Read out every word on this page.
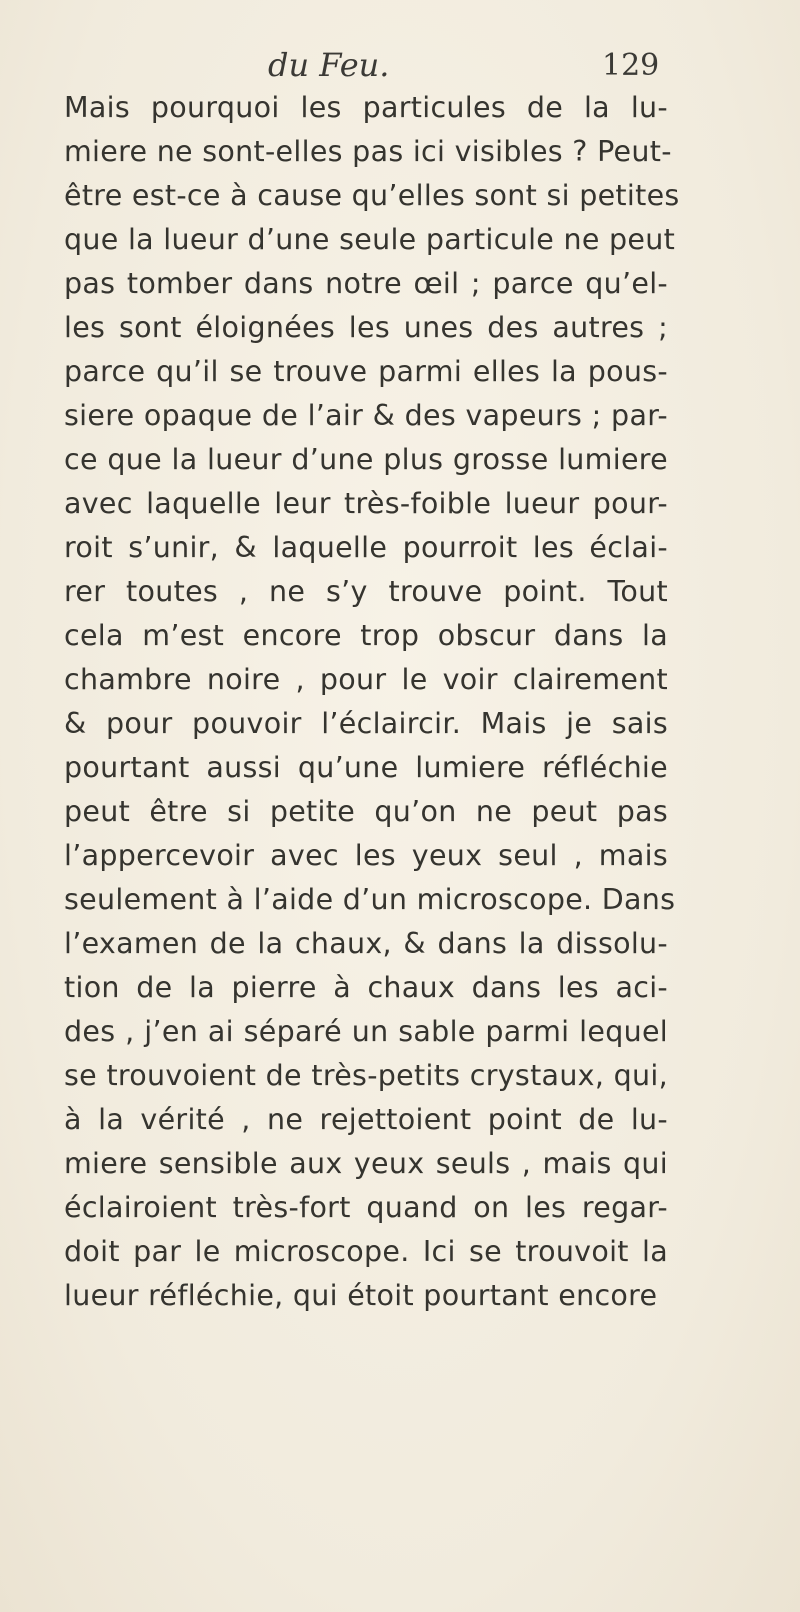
du Feu.	129
Mais pourquoi les particules de la lu-
miere ne sont-elles pas ici visibles ? Peut-
être est-ce à cause qu’elles sont si petites
que la lueur d’une seule particule ne peut
pas tomber dans notre œil ; parce qu’el-
les sont éloignées les unes des autres ;
parce qu’il se trouve parmi elles la pous-
siere opaque de l’air & des vapeurs ; par-
ce que la lueur d’une plus grosse lumiere
avec laquelle leur très-foible lueur pour-
roit s’unir, & laquelle pourroit les éclai-
rer toutes , ne s’y trouve point. Tout
cela m’est encore trop obscur dans la
chambre noire , pour le voir clairement
& pour pouvoir l’éclaircir. Mais je sais
pourtant aussi qu’une lumiere réfléchie
peut être si petite qu’on ne peut pas
l’appercevoir avec les yeux seul , mais
seulement à l’aide d’un microscope. Dans
l’examen de la chaux, & dans la dissolu-
tion de la pierre à chaux dans les aci-
des , j’en ai séparé un sable parmi lequel
se trouvoient de très-petits crystaux, qui,
à la vérité , ne rejettoient point de lu-
miere sensible aux yeux seuls , mais qui
éclairoient très-fort quand on les regar-
doit par le microscope. Ici se trouvoit la
lueur réfléchie, qui étoit pourtant encore
